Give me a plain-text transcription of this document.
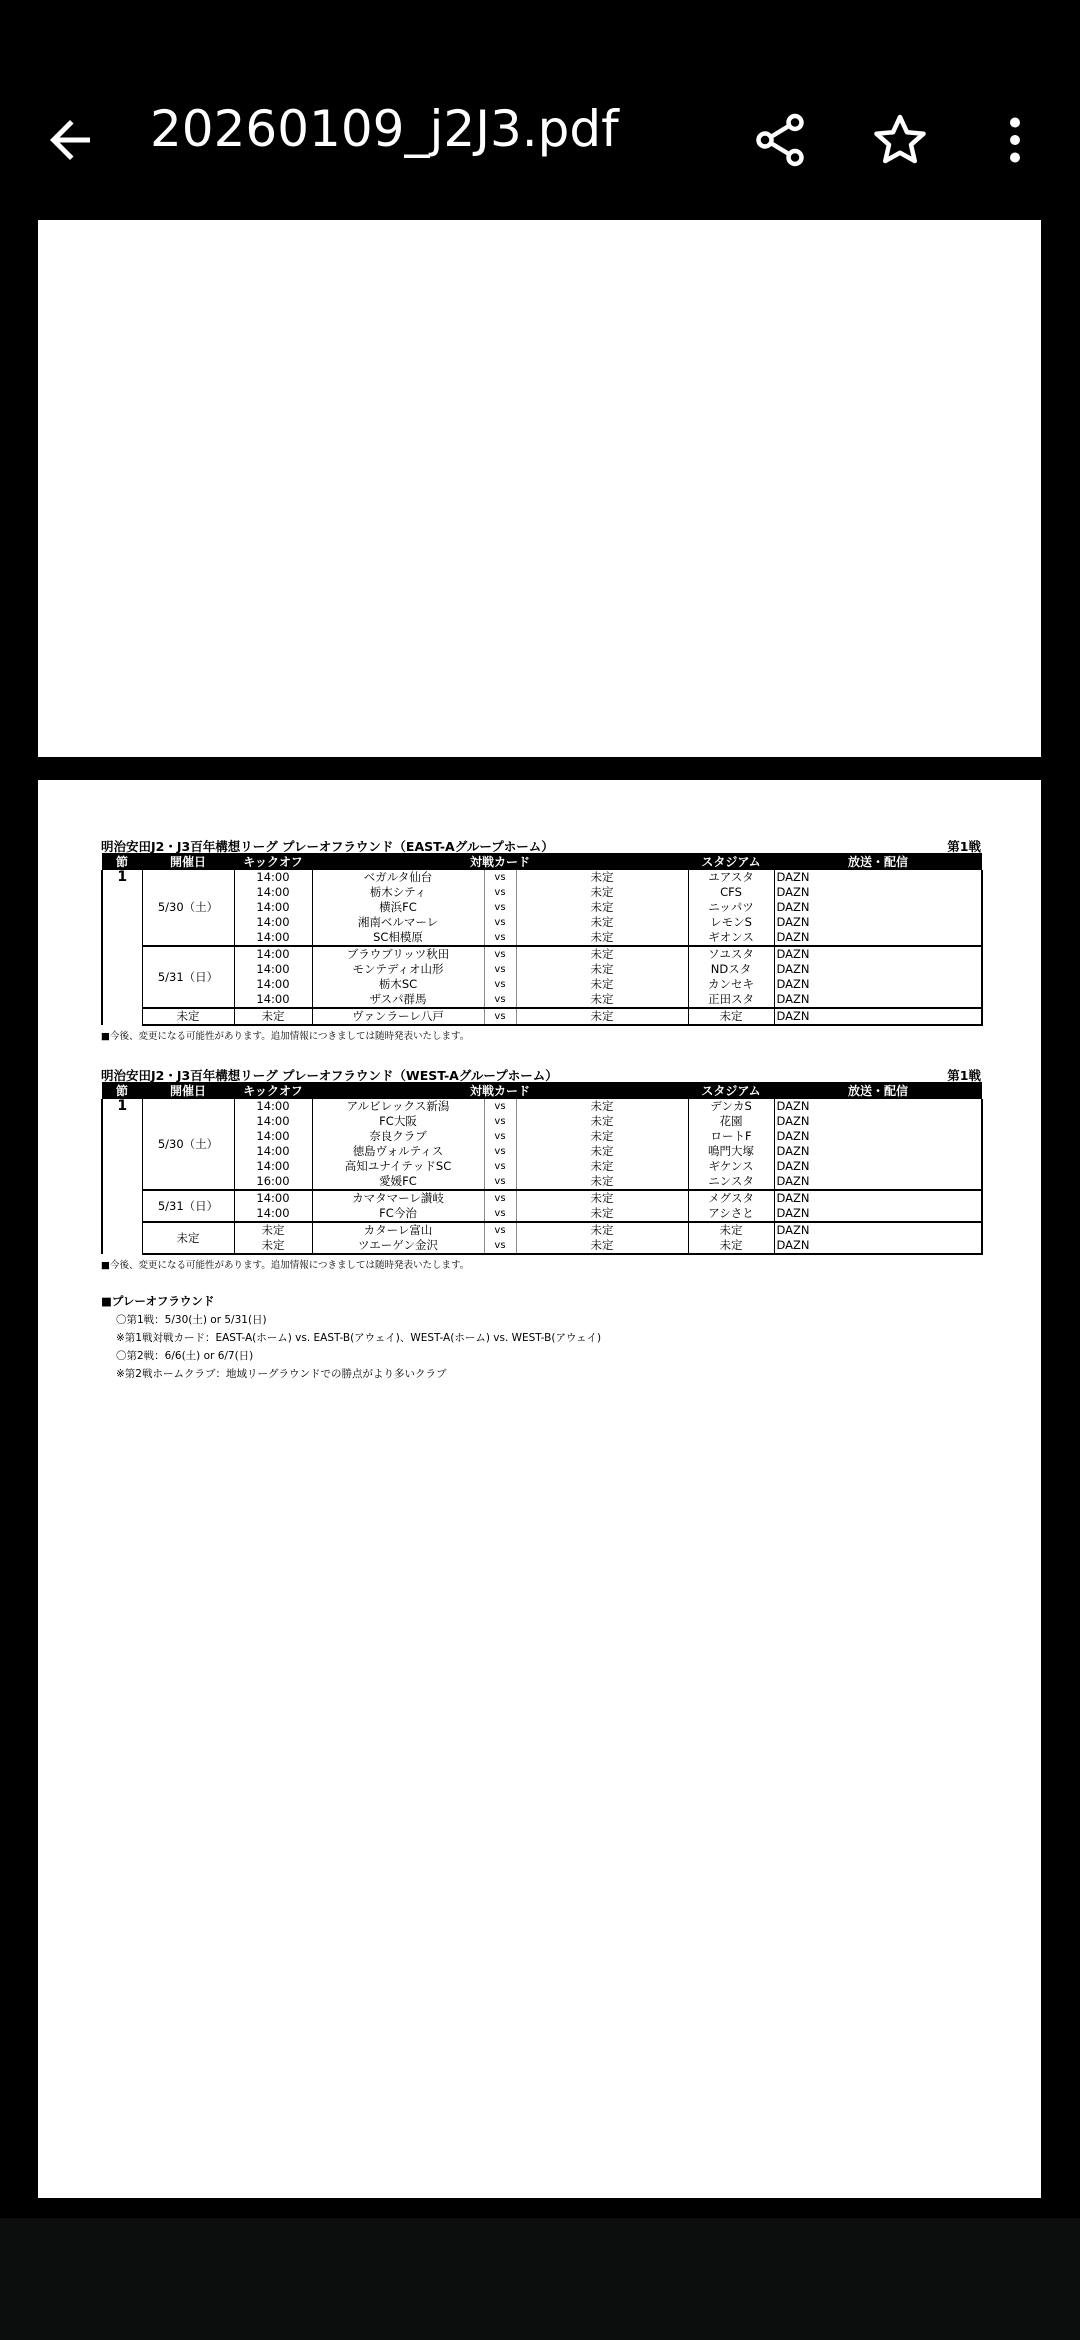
20260109_j2J3.pdf
明治安田J2・J3百年構想リーグ プレーオフラウンド（EAST-Aグループホーム）	第1戦
節	開催日	キックオフ	対戦カード			スタジアム	放送・配信
1	5/30（土）	14:00	ベガルタ仙台	vs	未定	ユアスタ	DAZN
		14:00	栃木シティ	vs	未定	CFS	DAZN
		14:00	横浜FC	vs	未定	ニッパツ	DAZN
		14:00	湘南ベルマーレ	vs	未定	レモンS	DAZN
		14:00	SC相模原	vs	未定	ギオンス	DAZN
	5/31（日）	14:00	ブラウブリッツ秋田	vs	未定	ソユスタ	DAZN
		14:00	モンテディオ山形	vs	未定	NDスタ	DAZN
		14:00	栃木SC	vs	未定	カンセキ	DAZN
		14:00	ザスパ群馬	vs	未定	正田スタ	DAZN
	未定	未定	ヴァンラーレ八戸	vs	未定	未定	DAZN
■今後、変更になる可能性があります。追加情報につきましては随時発表いたします。
明治安田J2・J3百年構想リーグ プレーオフラウンド（WEST-Aグループホーム）	第1戦
節	開催日	キックオフ	対戦カード			スタジアム	放送・配信
1	5/30（土）	14:00	アルビレックス新潟	vs	未定	デンカS	DAZN
		14:00	FC大阪	vs	未定	花園	DAZN
		14:00	奈良クラブ	vs	未定	ロートF	DAZN
		14:00	徳島ヴォルティス	vs	未定	鳴門大塚	DAZN
		14:00	高知ユナイテッドSC	vs	未定	ギケンス	DAZN
		16:00	愛媛FC	vs	未定	ニンスタ	DAZN
	5/31（日）	14:00	カマタマーレ讃岐	vs	未定	メグスタ	DAZN
		14:00	FC今治	vs	未定	アシさと	DAZN
	未定	未定	カターレ富山	vs	未定	未定	DAZN
		未定	ツエーゲン金沢	vs	未定	未定	DAZN
■今後、変更になる可能性があります。追加情報につきましては随時発表いたします。
■プレーオフラウンド
〇第1戦：5/30(土) or 5/31(日)
※第1戦対戦カード：EAST-A(ホーム) vs. EAST-B(アウェイ)、WEST-A(ホーム) vs. WEST-B(アウェイ)
〇第2戦：6/6(土) or 6/7(日)
※第2戦ホームクラブ：地域リーグラウンドでの勝点がより多いクラブ
